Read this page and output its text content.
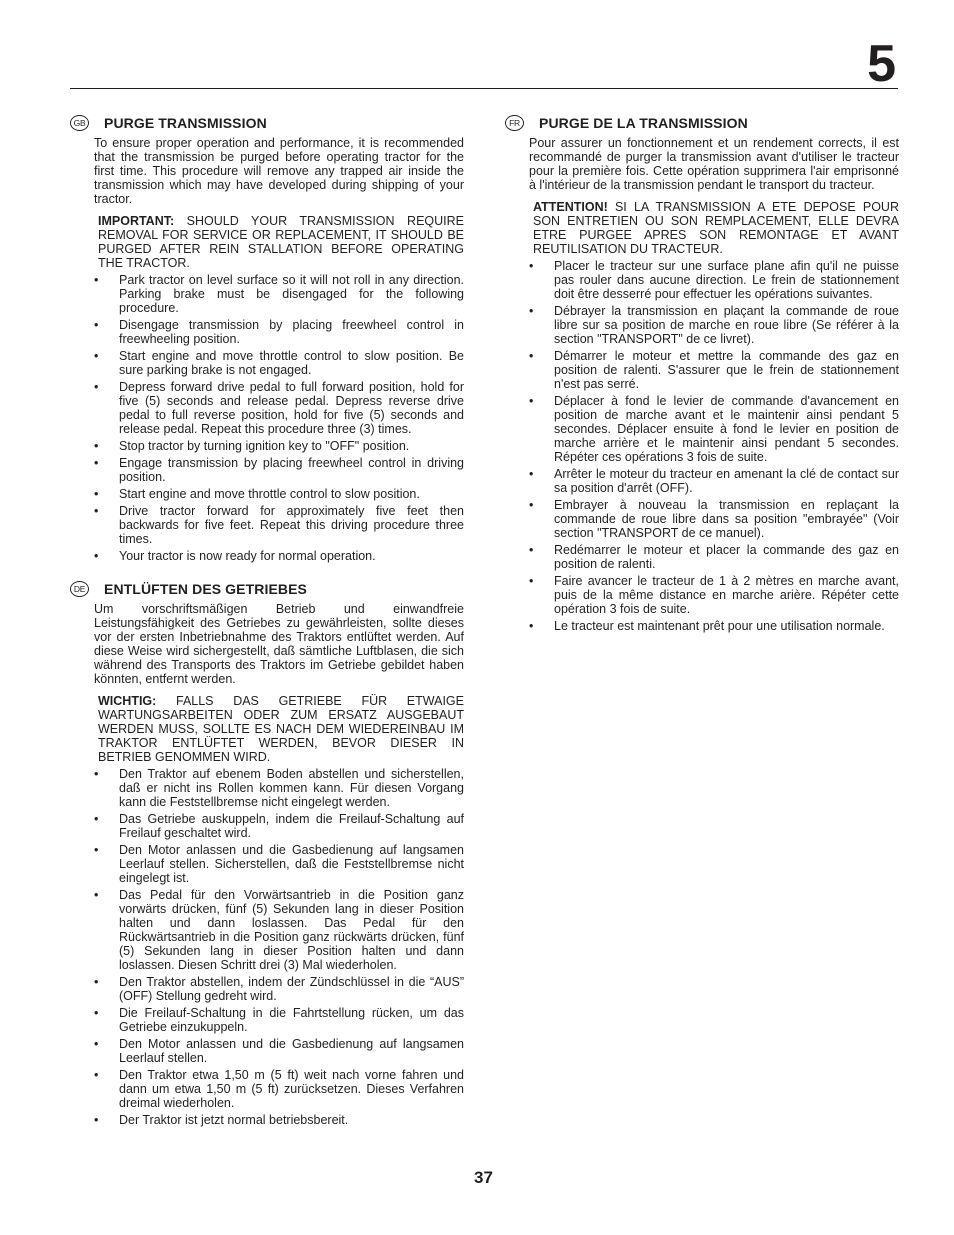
5
GB PURGE TRANSMISSION

To ensure proper operation and performance, it is recommended that the transmission be purged before operating tractor for the first time. This procedure will remove any trapped air inside the transmission which may have developed during shipping of your tractor.

IMPORTANT: SHOULD YOUR TRANSMISSION REQUIRE REMOVAL FOR SERVICE OR REPLACEMENT, IT SHOULD BE PURGED AFTER REIN STALLATION BEFORE OPERATING THE TRACTOR.

• Park tractor on level surface so it will not roll in any direction. Parking brake must be disengaged for the following procedure.
• Disengage transmission by placing freewheel control in freewheeling position.
• Start engine and move throttle control to slow position. Be sure parking brake is not engaged.
• Depress forward drive pedal to full forward position, hold for five (5) seconds and release pedal. Depress reverse drive pedal to full reverse position, hold for five (5) seconds and release pedal. Repeat this procedure three (3) times.
• Stop tractor by turning ignition key to "OFF" position.
• Engage transmission by placing freewheel control in driving position.
• Start engine and move throttle control to slow position.
• Drive tractor forward for approximately five feet then backwards for five feet. Repeat this driving procedure three times.
• Your tractor is now ready for normal operation.
DE ENTLÜFTEN DES GETRIEBES

Um vorschriftsmäßigen Betrieb und einwandfreie Leistungsfähigkeit des Getriebes zu gewährleisten, sollte dieses vor der ersten Inbetriebnahme des Traktors entlüftet werden. Auf diese Weise wird sichergestellt, daß sämtliche Luftblasen, die sich während des Transports des Traktors im Getriebe gebildet haben könnten, entfernt werden.

WICHTIG: FALLS DAS GETRIEBE FÜR ETWAIGE WARTUNGSARBEITEN ODER ZUM ERSATZ AUSGEBAUT WERDEN MUSS, SOLLTE ES NACH DEM WIEDEREINBAU IM TRAKTOR ENTLÜFTET WERDEN, BEVOR DIESER IN BETRIEB GENOMMEN WIRD.

• Den Traktor auf ebenem Boden abstellen und sicherstellen, daß er nicht ins Rollen kommen kann. Für diesen Vorgang kann die Feststellbremse nicht eingelegt werden.
• Das Getriebe auskuppeln, indem die Freilauf-Schaltung auf Freilauf geschaltet wird.
• Den Motor anlassen und die Gasbedienung auf langsamen Leerlauf stellen. Sicherstellen, daß die Feststellbremse nicht eingelegt ist.
• Das Pedal für den Vorwärtsantrieb in die Position ganz vorwärts drücken, fünf (5) Sekunden lang in dieser Position halten und dann loslassen. Das Pedal für den Rückwärtsantrieb in die Position ganz rückwärts drücken, fünf (5) Sekunden lang in dieser Position halten und dann loslassen. Diesen Schritt drei (3) Mal wiederholen.
• Den Traktor abstellen, indem der Zündschlüssel in die “AUS” (OFF) Stellung gedreht wird.
• Die Freilauf-Schaltung in die Fahrtstellung rücken, um das Getriebe einzukuppeln.
• Den Motor anlassen und die Gasbedienung auf langsamen Leerlauf stellen.
• Den Traktor etwa 1,50 m (5 ft) weit nach vorne fahren und dann um etwa 1,50 m (5 ft) zurücksetzen. Dieses Verfahren dreimal wiederholen.
• Der Traktor ist jetzt normal betriebsbereit.
FR PURGE DE LA TRANSMISSION

Pour assurer un fonctionnement et un rendement corrects, il est recommandé de purger la transmission avant d'utiliser le tracteur pour la première fois. Cette opération supprimera l'air emprisonné à l'intérieur de la transmission pendant le transport du tracteur.

ATTENTION! SI LA TRANSMISSION A ETE DEPOSE POUR SON ENTRETIEN OU SON REMPLACEMENT, ELLE DEVRA ETRE PURGEE APRES SON REMONTAGE ET AVANT REUTILISATION DU TRACTEUR.

• Placer le tracteur sur une surface plane afin qu'il ne puisse pas rouler dans aucune direction. Le frein de stationnement doit être desserré pour effectuer les opérations suivantes.
• Débrayer la transmission en plaçant la commande de roue libre sur sa position de marche en roue libre (Se référer à la section "TRANSPORT" de ce livret).
• Démarrer le moteur et mettre la commande des gaz en position de ralenti. S'assurer que le frein de stationnement n'est pas serré.
• Déplacer à fond le levier de commande d'avancement en position de marche avant et le maintenir ainsi pendant 5 secondes. Déplacer ensuite à fond le levier en position de marche arrière et le maintenir ainsi pendant 5 secondes. Répéter ces opérations 3 fois de suite.
• Arrêter le moteur du tracteur en amenant la clé de contact sur sa position d'arrêt (OFF).
• Embrayer à nouveau la transmission en replaçant la commande de roue libre dans sa position "embrayée" (Voir section "TRANSPORT de ce manuel).
• Redémarrer le moteur et placer la commande des gaz en position de ralenti.
• Faire avancer le tracteur de 1 à 2 mètres en marche avant, puis de la même distance en marche arière. Répéter cette opération 3 fois de suite.
• Le tracteur est maintenant prêt pour une utilisation normale.
37
